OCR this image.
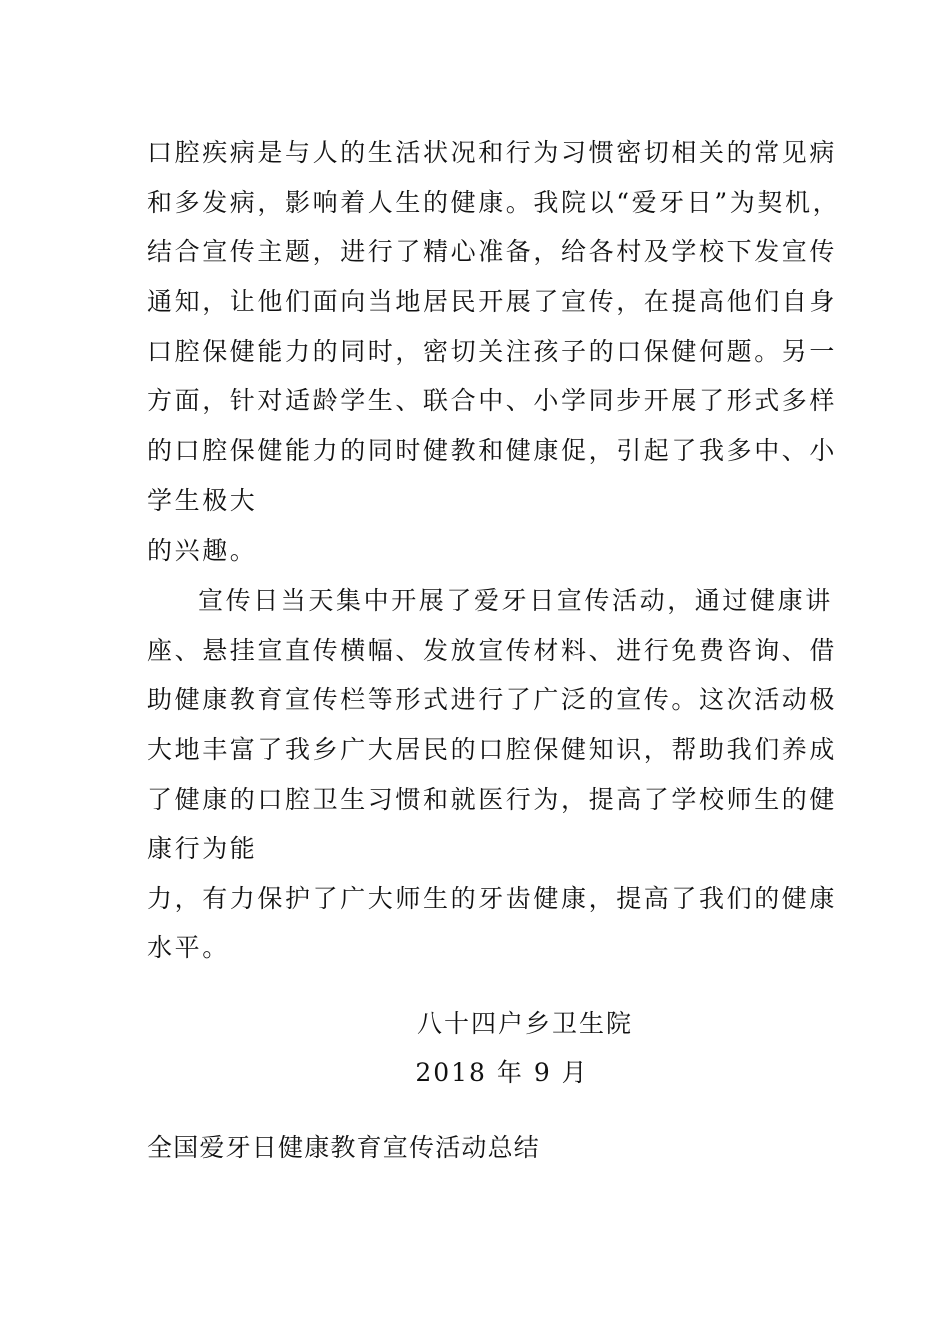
口腔疾病是与人的生活状况和行为习惯密切相关的常见病
和多发病，影响着人生的健康。我院以“爱牙日”为契机，
结合宣传主题，进行了精心准备，给各村及学校下发宣传
通知，让他们面向当地居民开展了宣传，在提高他们自身
口腔保健能力的同时，密切关注孩子的口保健何题。另一
方面，针对适龄学生、联合中、小学同步开展了形式多样
的口腔保健能力的同时健教和健康促，引起了我多中、小
学生极大
的兴趣。
宣传日当天集中开展了爱牙日宣传活动，通过健康讲
座、悬挂宣直传横幅、发放宣传材料、进行免费咨询、借
助健康教育宣传栏等形式进行了广泛的宣传。这次活动极
大地丰富了我乡广大居民的口腔保健知识，帮助我们养成
了健康的口腔卫生习惯和就医行为，提高了学校师生的健
康行为能
力，有力保护了广大师生的牙齿健康，提高了我们的健康
水平。
八十四户乡卫生院
2018 年 9 月
全国爱牙日健康教育宣传活动总结
